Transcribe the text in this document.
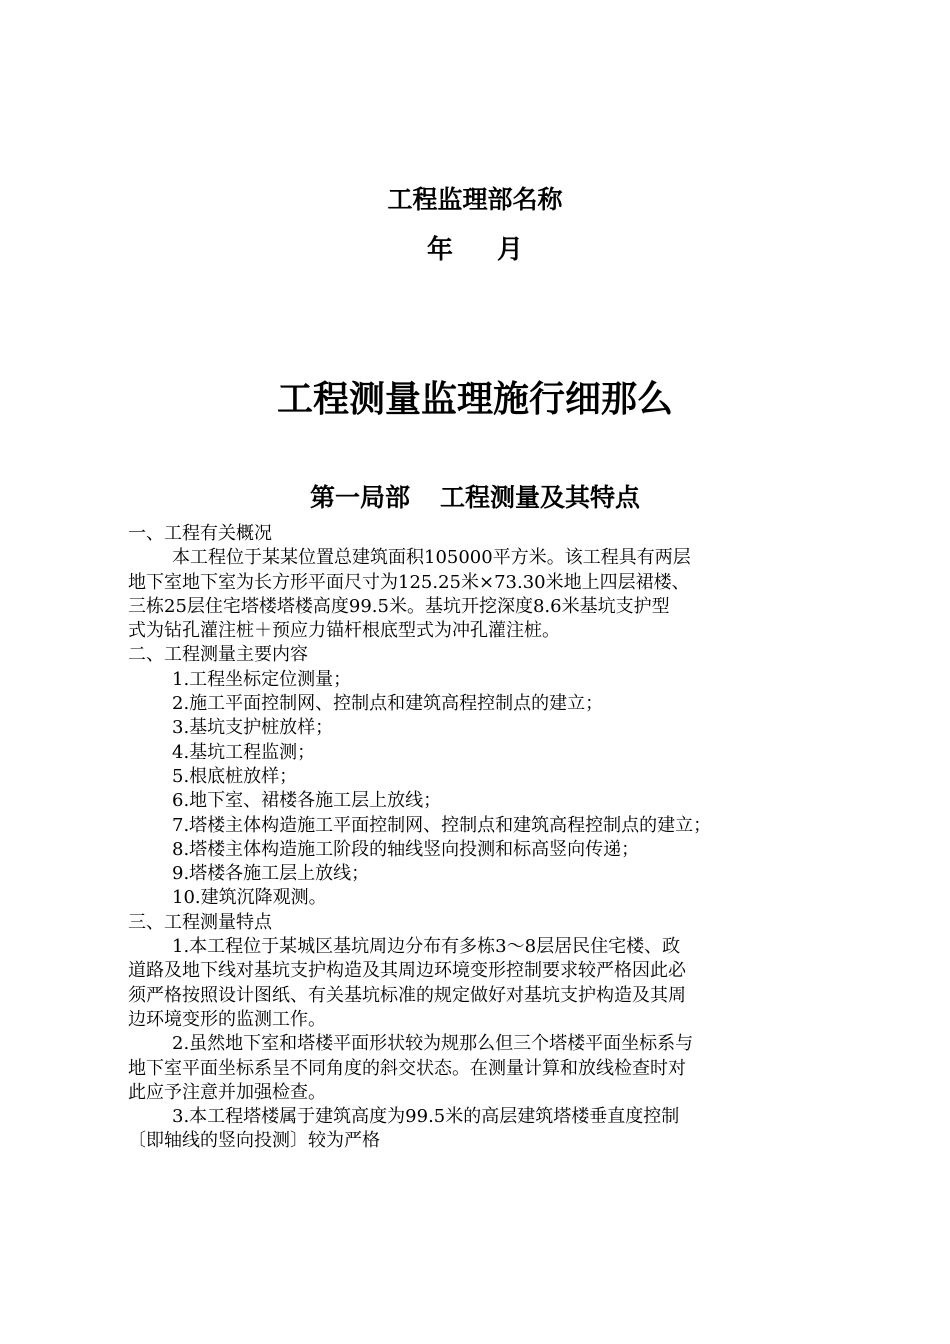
工程监理部名称
年 月
工程测量监理施行细那么
第一局部 工程测量及其特点
一、工程有关概况
本工程位于某某位置总建筑面积105000平方米。该工程具有两层
地下室地下室为长方形平面尺寸为125.25米×73.30米地上四层裙楼、
三栋25层住宅塔楼塔楼高度99.5米。基坑开挖深度8.6米基坑支护型
式为钻孔灌注桩＋预应力锚杆根底型式为冲孔灌注桩。
二、工程测量主要内容
1.工程坐标定位测量；
2.施工平面控制网、控制点和建筑高程控制点的建立；
3.基坑支护桩放样；
4.基坑工程监测；
5.根底桩放样；
6.地下室、裙楼各施工层上放线；
7.塔楼主体构造施工平面控制网、控制点和建筑高程控制点的建立；
8.塔楼主体构造施工阶段的轴线竖向投测和标高竖向传递；
9.塔楼各施工层上放线；
10.建筑沉降观测。
三、工程测量特点
1.本工程位于某城区基坑周边分布有多栋3～8层居民住宅楼、政
道路及地下线对基坑支护构造及其周边环境变形控制要求较严格因此必
须严格按照设计图纸、有关基坑标准的规定做好对基坑支护构造及其周
边环境变形的监测工作。
2.虽然地下室和塔楼平面形状较为规那么但三个塔楼平面坐标系与
地下室平面坐标系呈不同角度的斜交状态。在测量计算和放线检查时对
此应予注意并加强检查。
3.本工程塔楼属于建筑高度为99.5米的高层建筑塔楼垂直度控制
〔即轴线的竖向投测〕较为严格
